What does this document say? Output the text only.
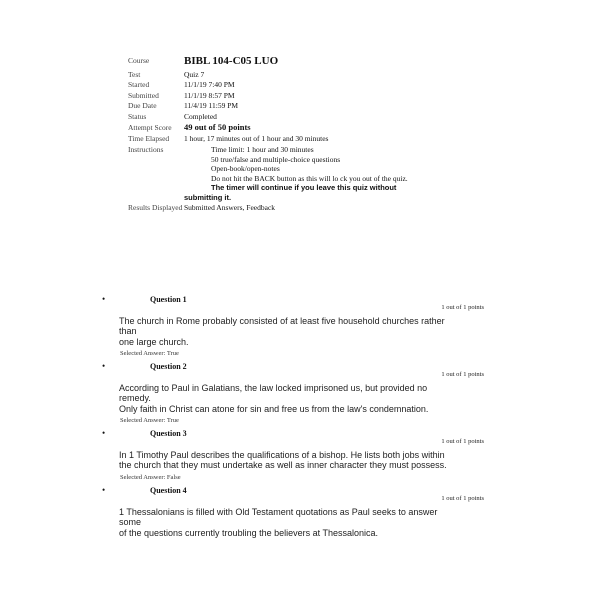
Course	BIBL 104-C05 LUO
Test	Quiz 7
Started	11/1/19 7:40 PM
Submitted	11/1/19 8:57 PM
Due Date	11/4/19 11:59 PM
Status	Completed
Attempt Score 49 out of 50 points
Time Elapsed 1 hour, 17 minutes out of 1 hour and 30 minutes
Instructions	Time limit: 1 hour and 30 minutes
50 true/false and multiple-choice questions
Open-book/open-notes
Do not hit the BACK button as this will lo ck you out of the quiz.
The timer will continue if you leave this quiz without
submitting it.
Results Displayed Submitted Answers, Feedback
•	Question 1
1 out of 1 points
The church in Rome probably consisted of at least five household churches rather than
one large church.
Selected Answer: True
•	Question 2
1 out of 1 points
According to Paul in Galatians, the law locked imprisoned us, but provided no remedy.
Only faith in Christ can atone for sin and free us from the law's condemnation.
Selected Answer: True
•	Question 3
1 out of 1 points
In 1 Timothy Paul describes the qualifications of a bishop. He lists both jobs within
the church that they must undertake as well as inner character they must possess.
Selected Answer: False
•	Question 4
1 out of 1 points
1 Thessalonians is filled with Old Testament quotations as Paul seeks to answer some
of the questions currently troubling the believers at Thessalonica.
